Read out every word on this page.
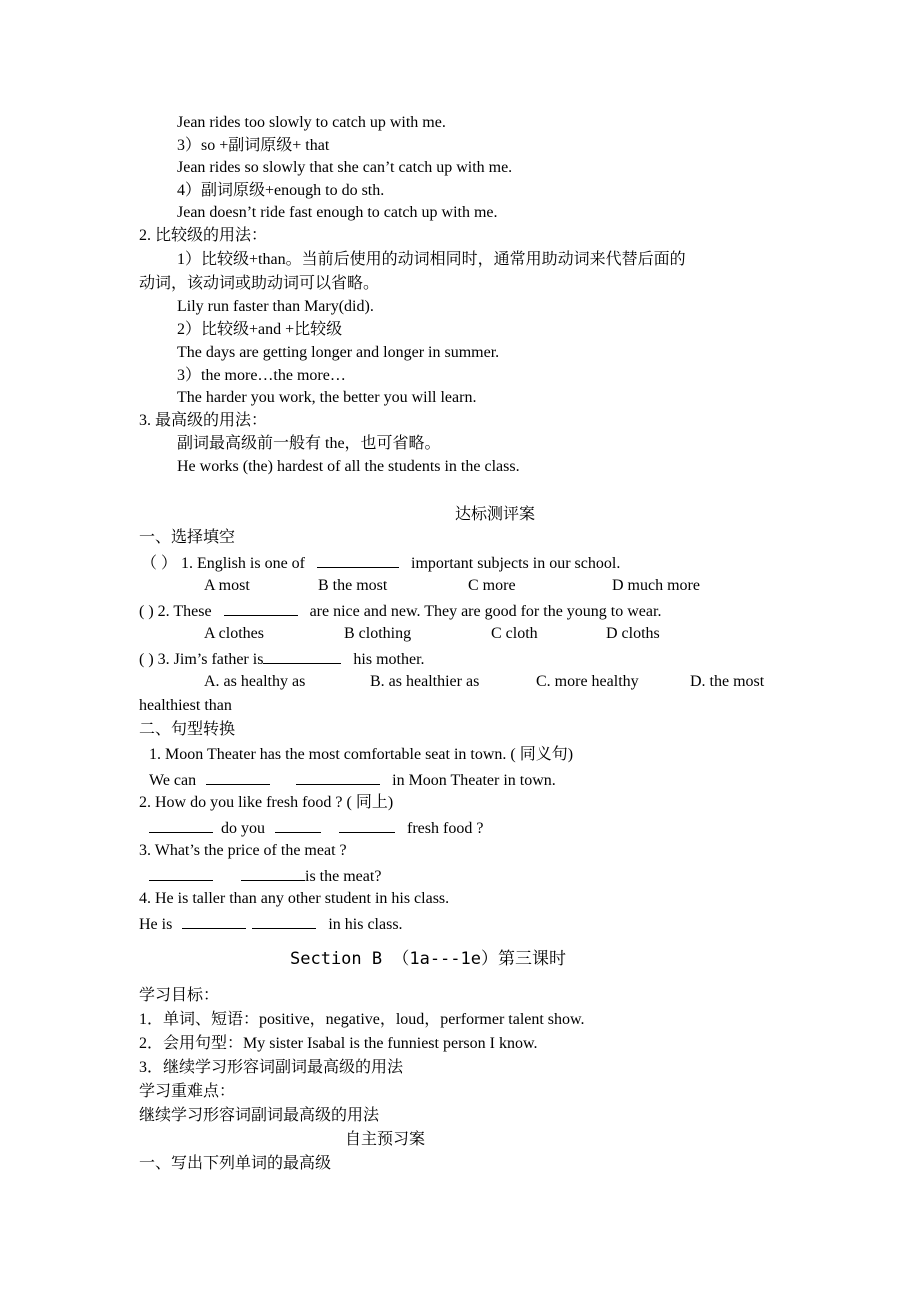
Jean rides too slowly to catch up with me.
3）so +副词原级+ that
Jean rides so slowly that she can’t catch up with me.
4）副词原级+enough to do sth.
Jean doesn’t ride fast enough to catch up with me.
2. 比较级的用法：
1）比较级+than。当前后使用的动词相同时，通常用助动词来代替后面的
动词，该动词或助动词可以省略。
Lily run faster than Mary(did).
2）比较级+and +比较级
The days are getting longer and longer in summer.
3）the more…the more…
The harder you work, the better you will learn.
3. 最高级的用法：
副词最高级前一般有 the，也可省略。
He works (the) hardest of all the students in the class.
达标测评案
一、选择填空
（ ） 1. English is one of	important subjects in our school.
A most	B the most	C more	D much more
( ) 2. These	are nice and new. They are good for the young to wear.
A clothes	B clothing	C cloth	D cloths
( ) 3. Jim’s father is	his mother.
A. as healthy as	B. as healthier as	C. more healthy	D. the most
healthiest than
二、句型转换
1. Moon Theater has the most comfortable seat in town. ( 同义句)
We can	in Moon Theater in town.
2. How do you like fresh food ? ( 同上)
do you	fresh food ?
3. What’s the price of the meat ?
is the meat?
4. He is taller than any other student in his class.
He is	in his class.
Section B （1a---1e）第三课时
学习目标：
1．单词、短语：positive，negative，loud，performer talent show.
2．会用句型：My sister Isabal is the funniest person I know.
3．继续学习形容词副词最高级的用法
学习重难点：
继续学习形容词副词最高级的用法
自主预习案
一、写出下列单词的最高级
